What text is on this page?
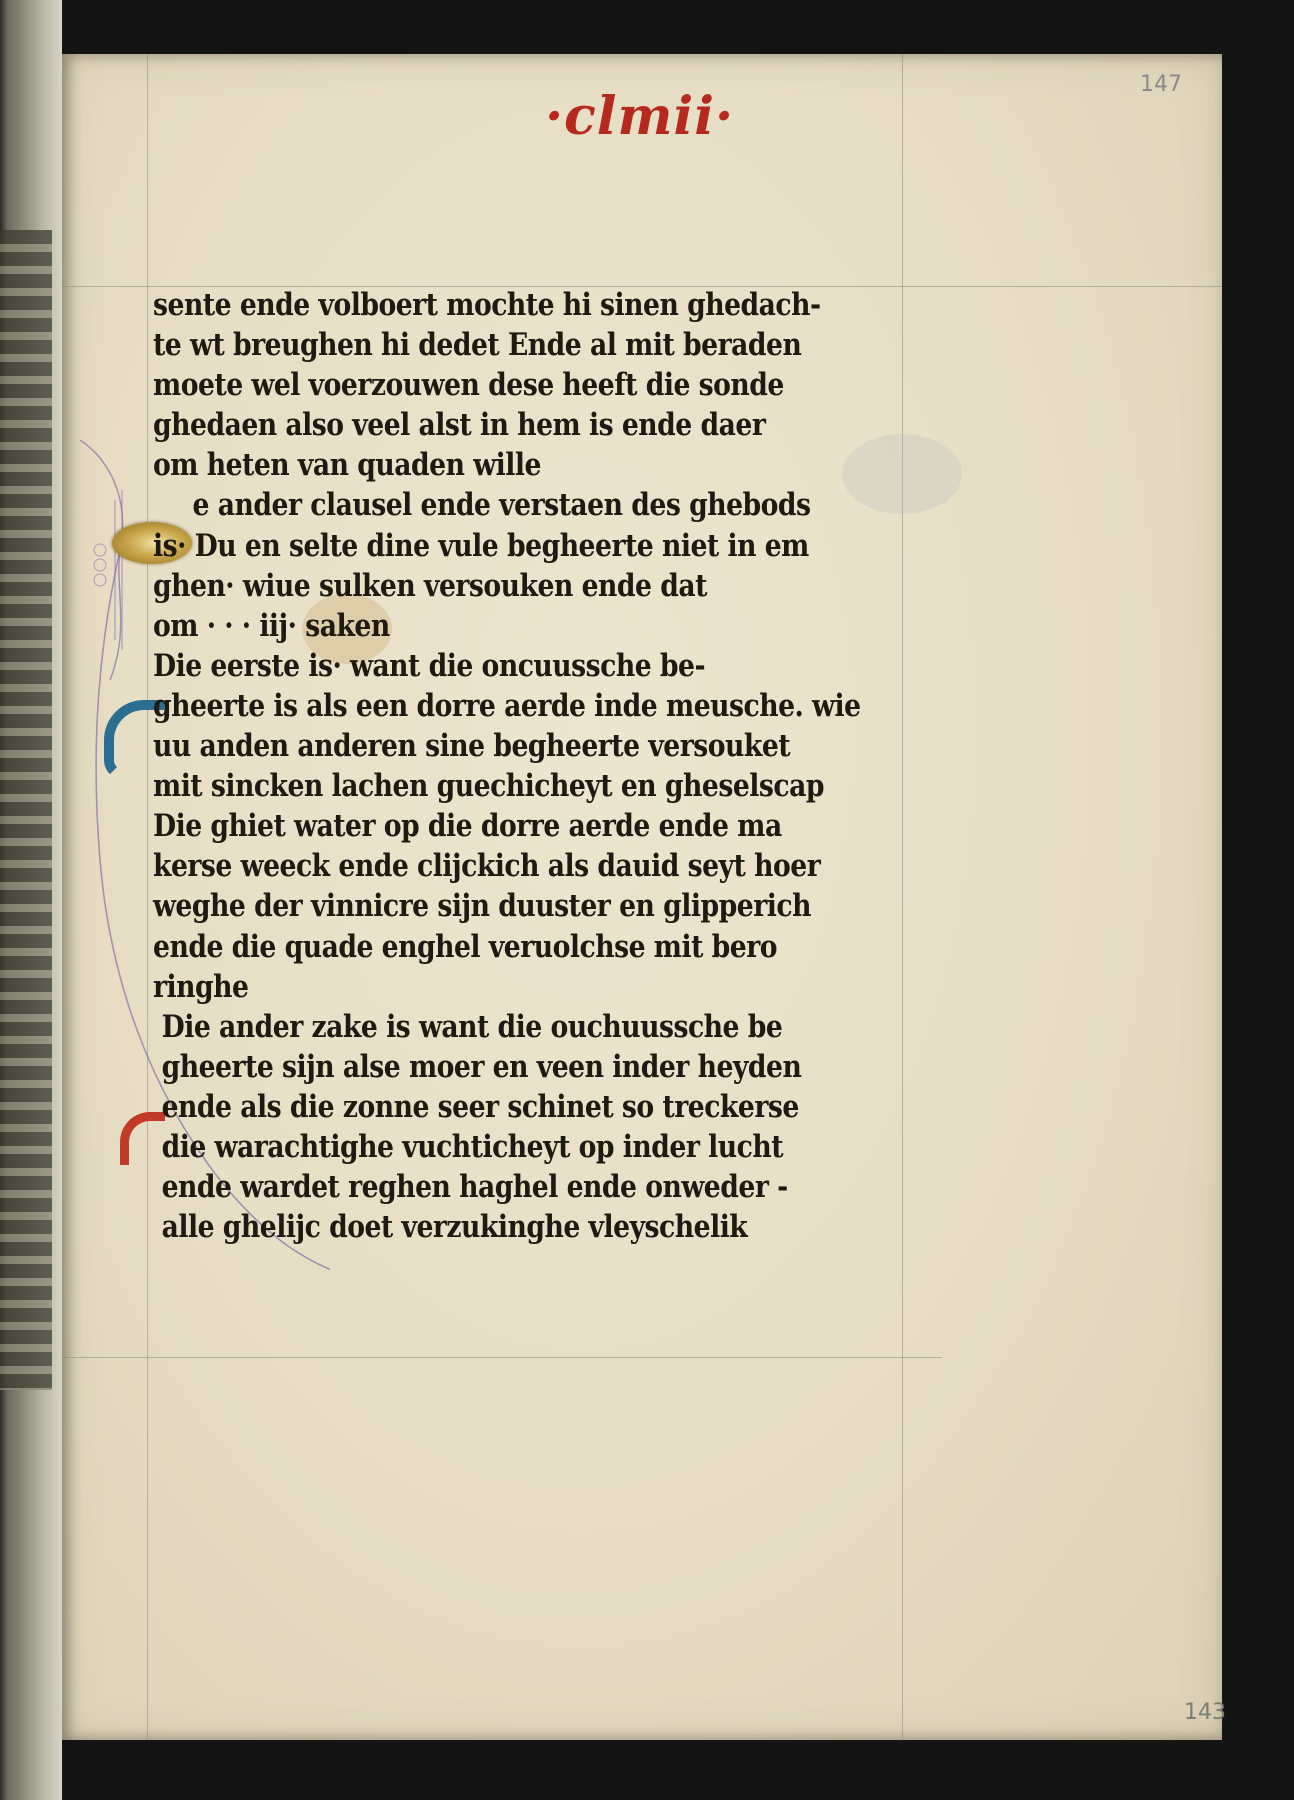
·clmii·
147
143
sente ende volboert mochte hi sinen ghedach-
te wt breughen hi dedet Ende al mit beraden
moete wel voerzouwen dese heeft die sonde
ghedaen also veel alst in hem is ende daer
om heten van quaden wille
e ander clausel ende verstaen des ghebods
is· Du en selte dine vule begheerte niet in em
ghen· wiue sulken versouken ende dat
om · · · iij· saken
Die eerste is· want die oncuussche be-
gheerte is als een dorre aerde inde meusche. wie
uu anden anderen sine begheerte versouket
mit sincken lachen guechicheyt en gheselscap
Die ghiet water op die dorre aerde ende ma
kerse weeck ende clijckich als dauid seyt hoer
weghe der vinnicre sijn duuster en glipperich
ende die quade enghel veruolchse mit bero
ringhe
Die ander zake is want die ouchuussche be
gheerte sijn alse moer en veen inder heyden
ende als die zonne seer schinet so treckerse
die warachtighe vuchticheyt op inder lucht
ende wardet reghen haghel ende onweder -
alle ghelijc doet verzukinghe vleyschelik
